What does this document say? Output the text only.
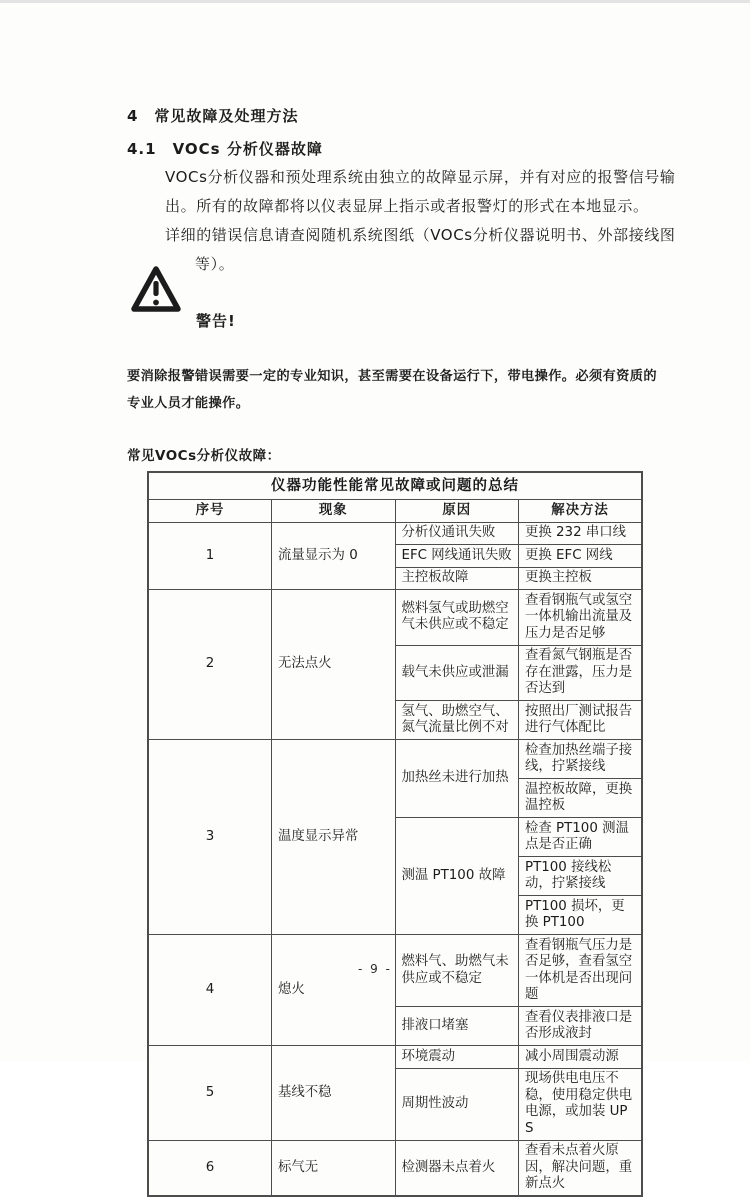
4　常见故障及处理方法
4.1　VOCs 分析仪器故障
VOCs分析仪器和预处理系统由独立的故障显示屏，并有对应的报警信号输
出。所有的故障都将以仪表显屏上指示或者报警灯的形式在本地显示。
详细的错误信息请查阅随机系统图纸（VOCs分析仪器说明书、外部接线图
等）。
警告!
要消除报警错误需要一定的专业知识，甚至需要在设备运行下，带电操作。必须有资质的
专业人员才能操作。
常见VOCs分析仪故障：
仪器功能性能常见故障或问题的总结			
序号	现象	原因	解决方法
1	流量显示为 0	分析仪通讯失败	更换 232 串口线
		EFC 网线通讯失败	更换 EFC 网线
		主控板故障	更换主控板
2	无法点火	燃料氢气或助燃空气未供应或不稳定	查看钢瓶气或氢空一体机输出流量及压力是否足够
		载气未供应或泄漏	查看氮气钢瓶是否存在泄露，压力是否达到
		氢气、助燃空气、氮气流量比例不对	按照出厂测试报告进行气体配比
3	温度显示异常	加热丝未进行加热	检查加热丝端子接线，拧紧接线
			温控板故障，更换温控板
		测温 PT100 故障	检查 PT100 测温点是否正确
			PT100 接线松动，拧紧接线
			PT100 损坏，更换 PT100
4	熄火	燃料气、助燃气未供应或不稳定	查看钢瓶气压力是否足够，查看氢空一体机是否出现问题
		排液口堵塞	查看仪表排液口是否形成液封
5	基线不稳	环境震动	减小周围震动源
		周期性波动	现场供电电压不稳，使用稳定供电电源，或加装 UPS
6	标气无	检测器未点着火	查看未点着火原因，解决问题，重新点火
- 9 -
